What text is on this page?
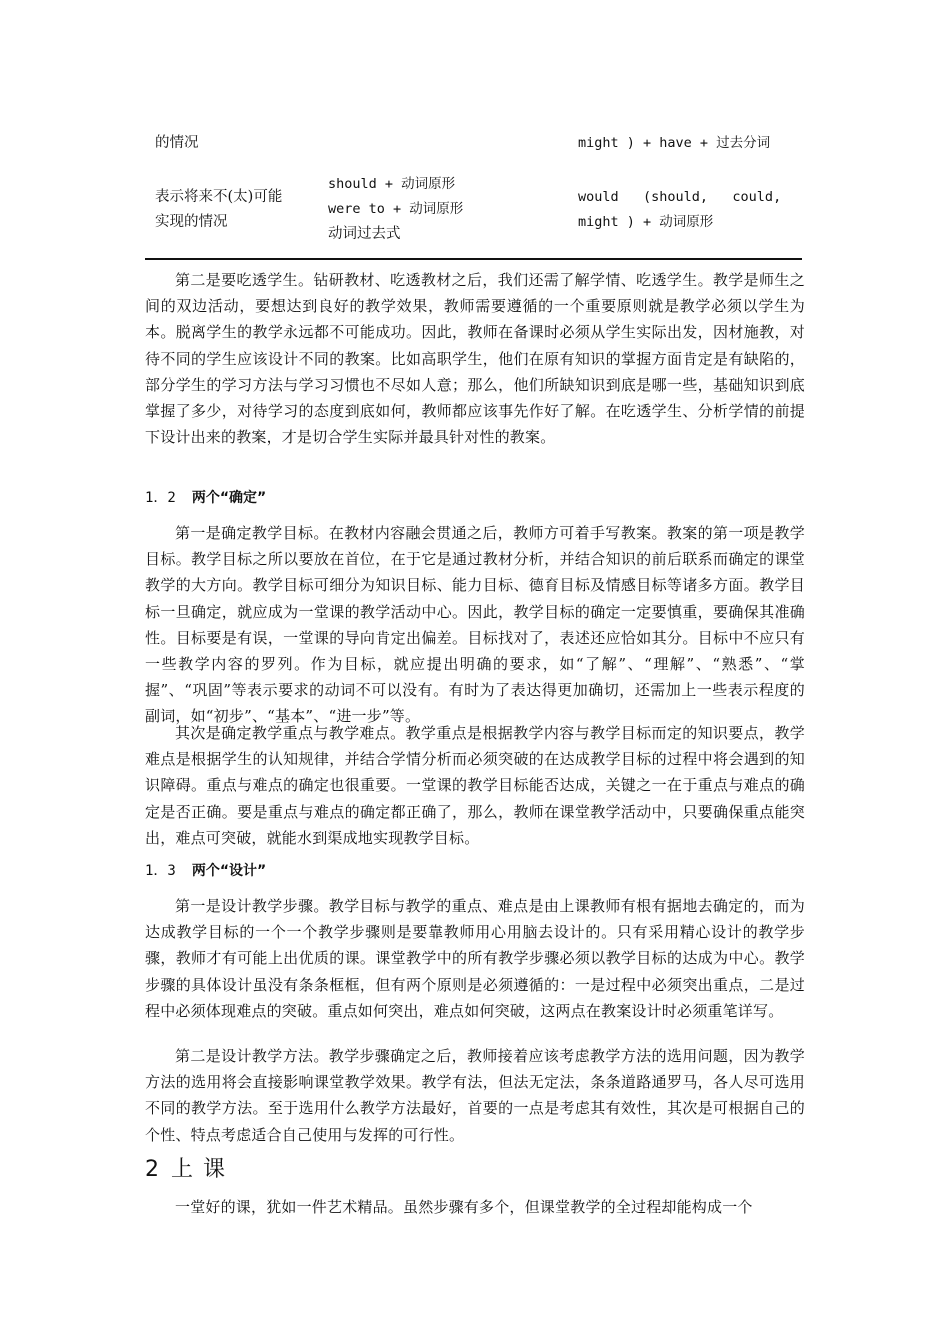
的情况	might ) + have + 过去分词
表示将来不(太)可能
实现的情况
should + 动词原形
were to + 动词原形
动词过去式
would   (should,   could,
might ) + 动词原形

第二是要吃透学生。钻研教材、吃透教材之后，我们还需了解学情、吃透学生。教学是师生之间的双边活动，要想达到良好的教学效果，教师需要遵循的一个重要原则就是教学必须以学生为本。脱离学生的教学永远都不可能成功。因此，教师在备课时必须从学生实际出发，因材施教，对待不同的学生应该设计不同的教案。比如高职学生，他们在原有知识的掌握方面肯定是有缺陷的，部分学生的学习方法与学习习惯也不尽如人意；那么，他们所缺知识到底是哪一些，基础知识到底掌握了多少，对待学习的态度到底如何，教师都应该事先作好了解。在吃透学生、分析学情的前提下设计出来的教案，才是切合学生实际并最具针对性的教案。

1．2 两个“确定”

第一是确定教学目标。在教材内容融会贯通之后，教师方可着手写教案。教案的第一项是教学目标。教学目标之所以要放在首位，在于它是通过教材分析，并结合知识的前后联系而确定的课堂教学的大方向。教学目标可细分为知识目标、能力目标、德育目标及情感目标等诸多方面。教学目标一旦确定，就应成为一堂课的教学活动中心。因此，教学目标的确定一定要慎重，要确保其准确性。目标要是有误，一堂课的导向肯定出偏差。目标找对了，表述还应恰如其分。目标中不应只有一些教学内容的罗列。作为目标，就应提出明确的要求，如“了解”、“理解”、“熟悉”、“掌握”、“巩固”等表示要求的动词不可以没有。有时为了表达得更加确切，还需加上一些表示程度的副词，如“初步”、“基本”、“进一步”等。

其次是确定教学重点与教学难点。教学重点是根据教学内容与教学目标而定的知识要点，教学难点是根据学生的认知规律，并结合学情分析而必须突破的在达成教学目标的过程中将会遇到的知识障碍。重点与难点的确定也很重要。一堂课的教学目标能否达成，关键之一在于重点与难点的确定是否正确。要是重点与难点的确定都正确了，那么，教师在课堂教学活动中，只要确保重点能突出，难点可突破，就能水到渠成地实现教学目标。

1．3 两个“设计”

第一是设计教学步骤。教学目标与教学的重点、难点是由上课教师有根有据地去确定的，而为达成教学目标的一个一个教学步骤则是要靠教师用心用脑去设计的。只有采用精心设计的教学步骤，教师才有可能上出优质的课。课堂教学中的所有教学步骤必须以教学目标的达成为中心。教学步骤的具体设计虽没有条条框框，但有两个原则是必须遵循的：一是过程中必须突出重点，二是过程中必须体现难点的突破。重点如何突出，难点如何突破，这两点在教案设计时必须重笔详写。

第二是设计教学方法。教学步骤确定之后，教师接着应该考虑教学方法的选用问题，因为教学方法的选用将会直接影响课堂教学效果。教学有法，但法无定法，条条道路通罗马，各人尽可选用不同的教学方法。至于选用什么教学方法最好，首要的一点是考虑其有效性，其次是可根据自己的个性、特点考虑适合自己使用与发挥的可行性。

2 上课

一堂好的课，犹如一件艺术精品。虽然步骤有多个，但课堂教学的全过程却能构成一个
